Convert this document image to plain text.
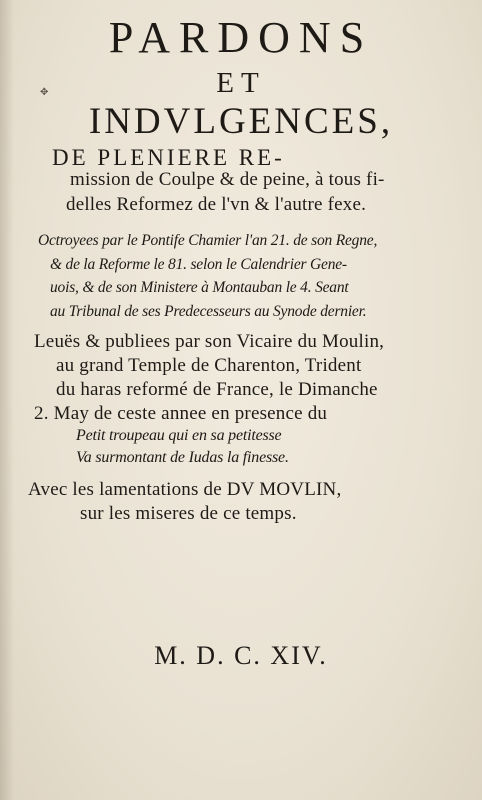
✥
PARDONS
ET
INDVLGENCES,
DE PLENIERE RE-
mission de Coulpe & de peine, à tous fi-
delles Reformez de l'vn & l'autre fexe.
Octroyees par le Pontife Chamier l'an 21. de son Regne,
& de la Reforme le 81. selon le Calendrier Gene-
uois, & de son Ministere à Montauban le 4. Seant
au Tribunal de ses Predecesseurs au Synode dernier.
Leuës & publiees par son Vicaire du Moulin,
au grand Temple de Charenton, Trident
du haras reformé de France, le Dimanche
2. May de ceste annee en presence du
Petit troupeau qui en sa petitesse
Va surmontant de Iudas la finesse.
Avec les lamentations de DV MOVLIN,
sur les miseres de ce temps.
M. D. C. XIV.
